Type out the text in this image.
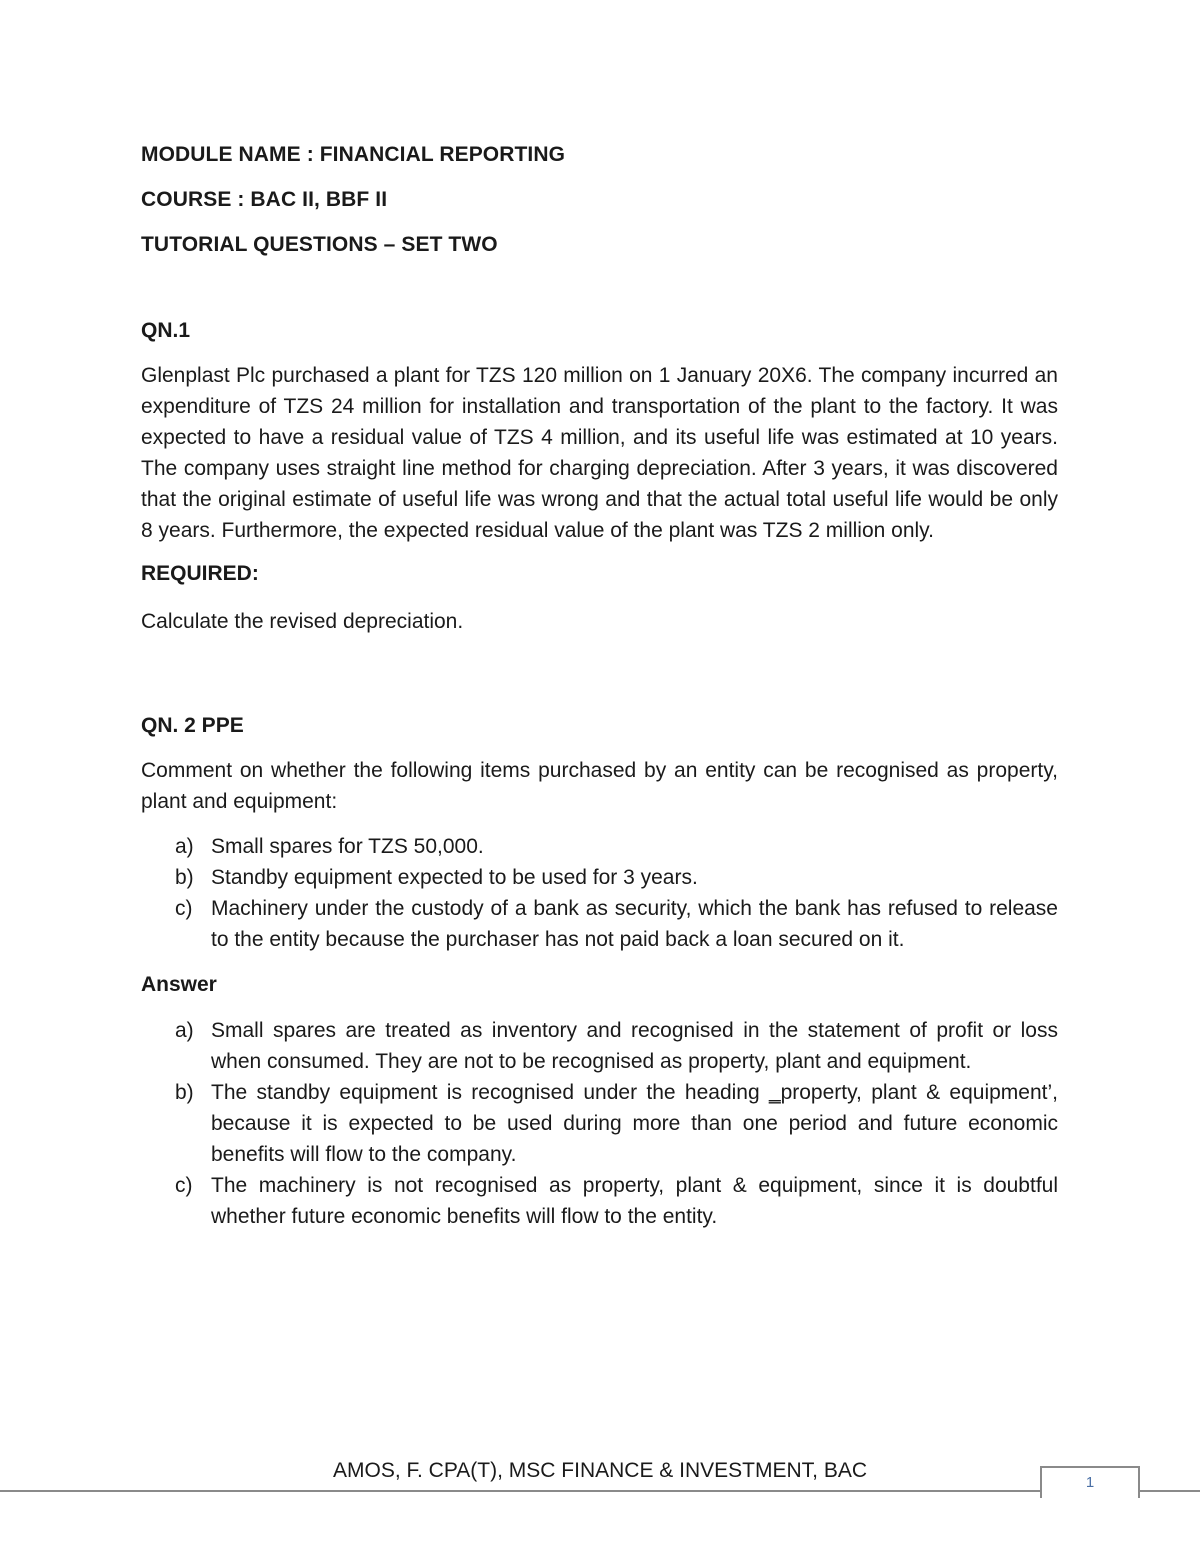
MODULE NAME : FINANCIAL REPORTING
COURSE : BAC II, BBF II
TUTORIAL QUESTIONS – SET TWO
QN.1

Glenplast Plc purchased a plant for TZS 120 million on 1 January 20X6. The company incurred an expenditure of TZS 24 million for installation and transportation of the plant to the factory. It was expected to have a residual value of TZS 4 million, and its useful life was estimated at 10 years. The company uses straight line method for charging depreciation. After 3 years, it was discovered that the original estimate of useful life was wrong and that the actual total useful life would be only 8 years. Furthermore, the expected residual value of the plant was TZS 2 million only.

REQUIRED:

Calculate the revised depreciation.

QN. 2 PPE

Comment on whether the following items purchased by an entity can be recognised as property, plant and equipment:

a) Small spares for TZS 50,000.
b) Standby equipment expected to be used for 3 years.
c) Machinery under the custody of a bank as security, which the bank has refused to release to the entity because the purchaser has not paid back a loan secured on it.
Answer
a) Small spares are treated as inventory and recognised in the statement of profit or loss when consumed. They are not to be recognised as property, plant and equipment.
b) The standby equipment is recognised under the heading ‗property, plant & equipment’, because it is expected to be used during more than one period and future economic benefits will flow to the company.
c) The machinery is not recognised as property, plant & equipment, since it is doubtful whether future economic benefits will flow to the entity.
AMOS, F. CPA(T), MSC FINANCE & INVESTMENT, BAC
1
